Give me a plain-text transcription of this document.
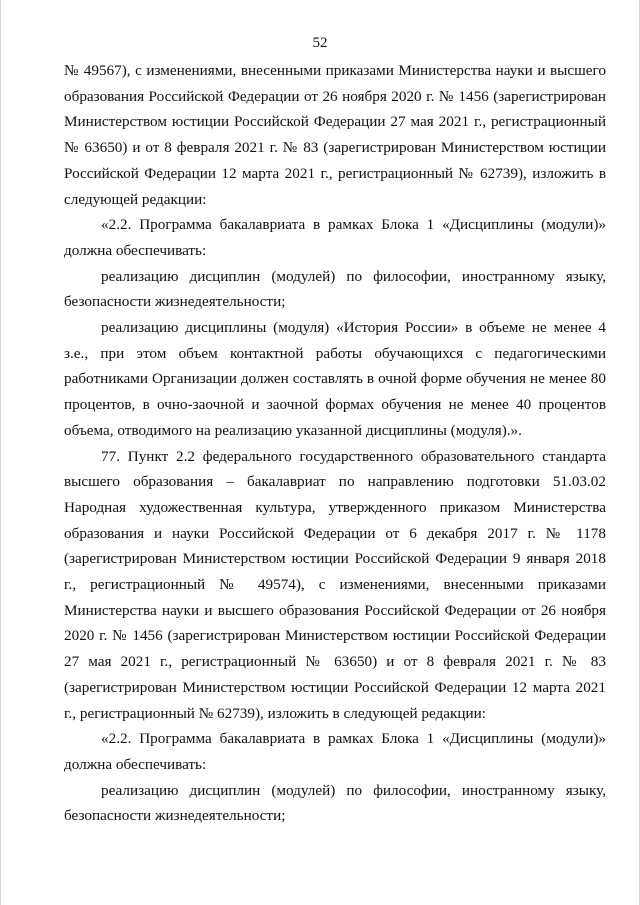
52

№ 49567), с изменениями, внесенными приказами Министерства науки и высшего образования Российской Федерации от 26 ноября 2020 г. № 1456 (зарегистрирован Министерством юстиции Российской Федерации 27 мая 2021 г., регистрационный № 63650) и от 8 февраля 2021 г. № 83 (зарегистрирован Министерством юстиции Российской Федерации 12 марта 2021 г., регистрационный № 62739), изложить в следующей редакции:

«2.2. Программа бакалавриата в рамках Блока 1 «Дисциплины (модули)» должна обеспечивать:

реализацию дисциплин (модулей) по философии, иностранному языку, безопасности жизнедеятельности;

реализацию дисциплины (модуля) «История России» в объеме не менее 4 з.е., при этом объем контактной работы обучающихся с педагогическими работниками Организации должен составлять в очной форме обучения не менее 80 процентов, в очно-заочной и заочной формах обучения не менее 40 процентов объема, отводимого на реализацию указанной дисциплины (модуля).».

77. Пункт 2.2 федерального государственного образовательного стандарта высшего образования – бакалавриат по направлению подготовки 51.03.02 Народная художественная культура, утвержденного приказом Министерства образования и науки Российской Федерации от 6 декабря 2017 г. № 1178 (зарегистрирован Министерством юстиции Российской Федерации 9 января 2018 г., регистрационный № 49574), с изменениями, внесенными приказами Министерства науки и высшего образования Российской Федерации от 26 ноября 2020 г. № 1456 (зарегистрирован Министерством юстиции Российской Федерации 27 мая 2021 г., регистрационный № 63650) и от 8 февраля 2021 г. № 83 (зарегистрирован Министерством юстиции Российской Федерации 12 марта 2021 г., регистрационный № 62739), изложить в следующей редакции:

«2.2. Программа бакалавриата в рамках Блока 1 «Дисциплины (модули)» должна обеспечивать:

реализацию дисциплин (модулей) по философии, иностранному языку, безопасности жизнедеятельности;
